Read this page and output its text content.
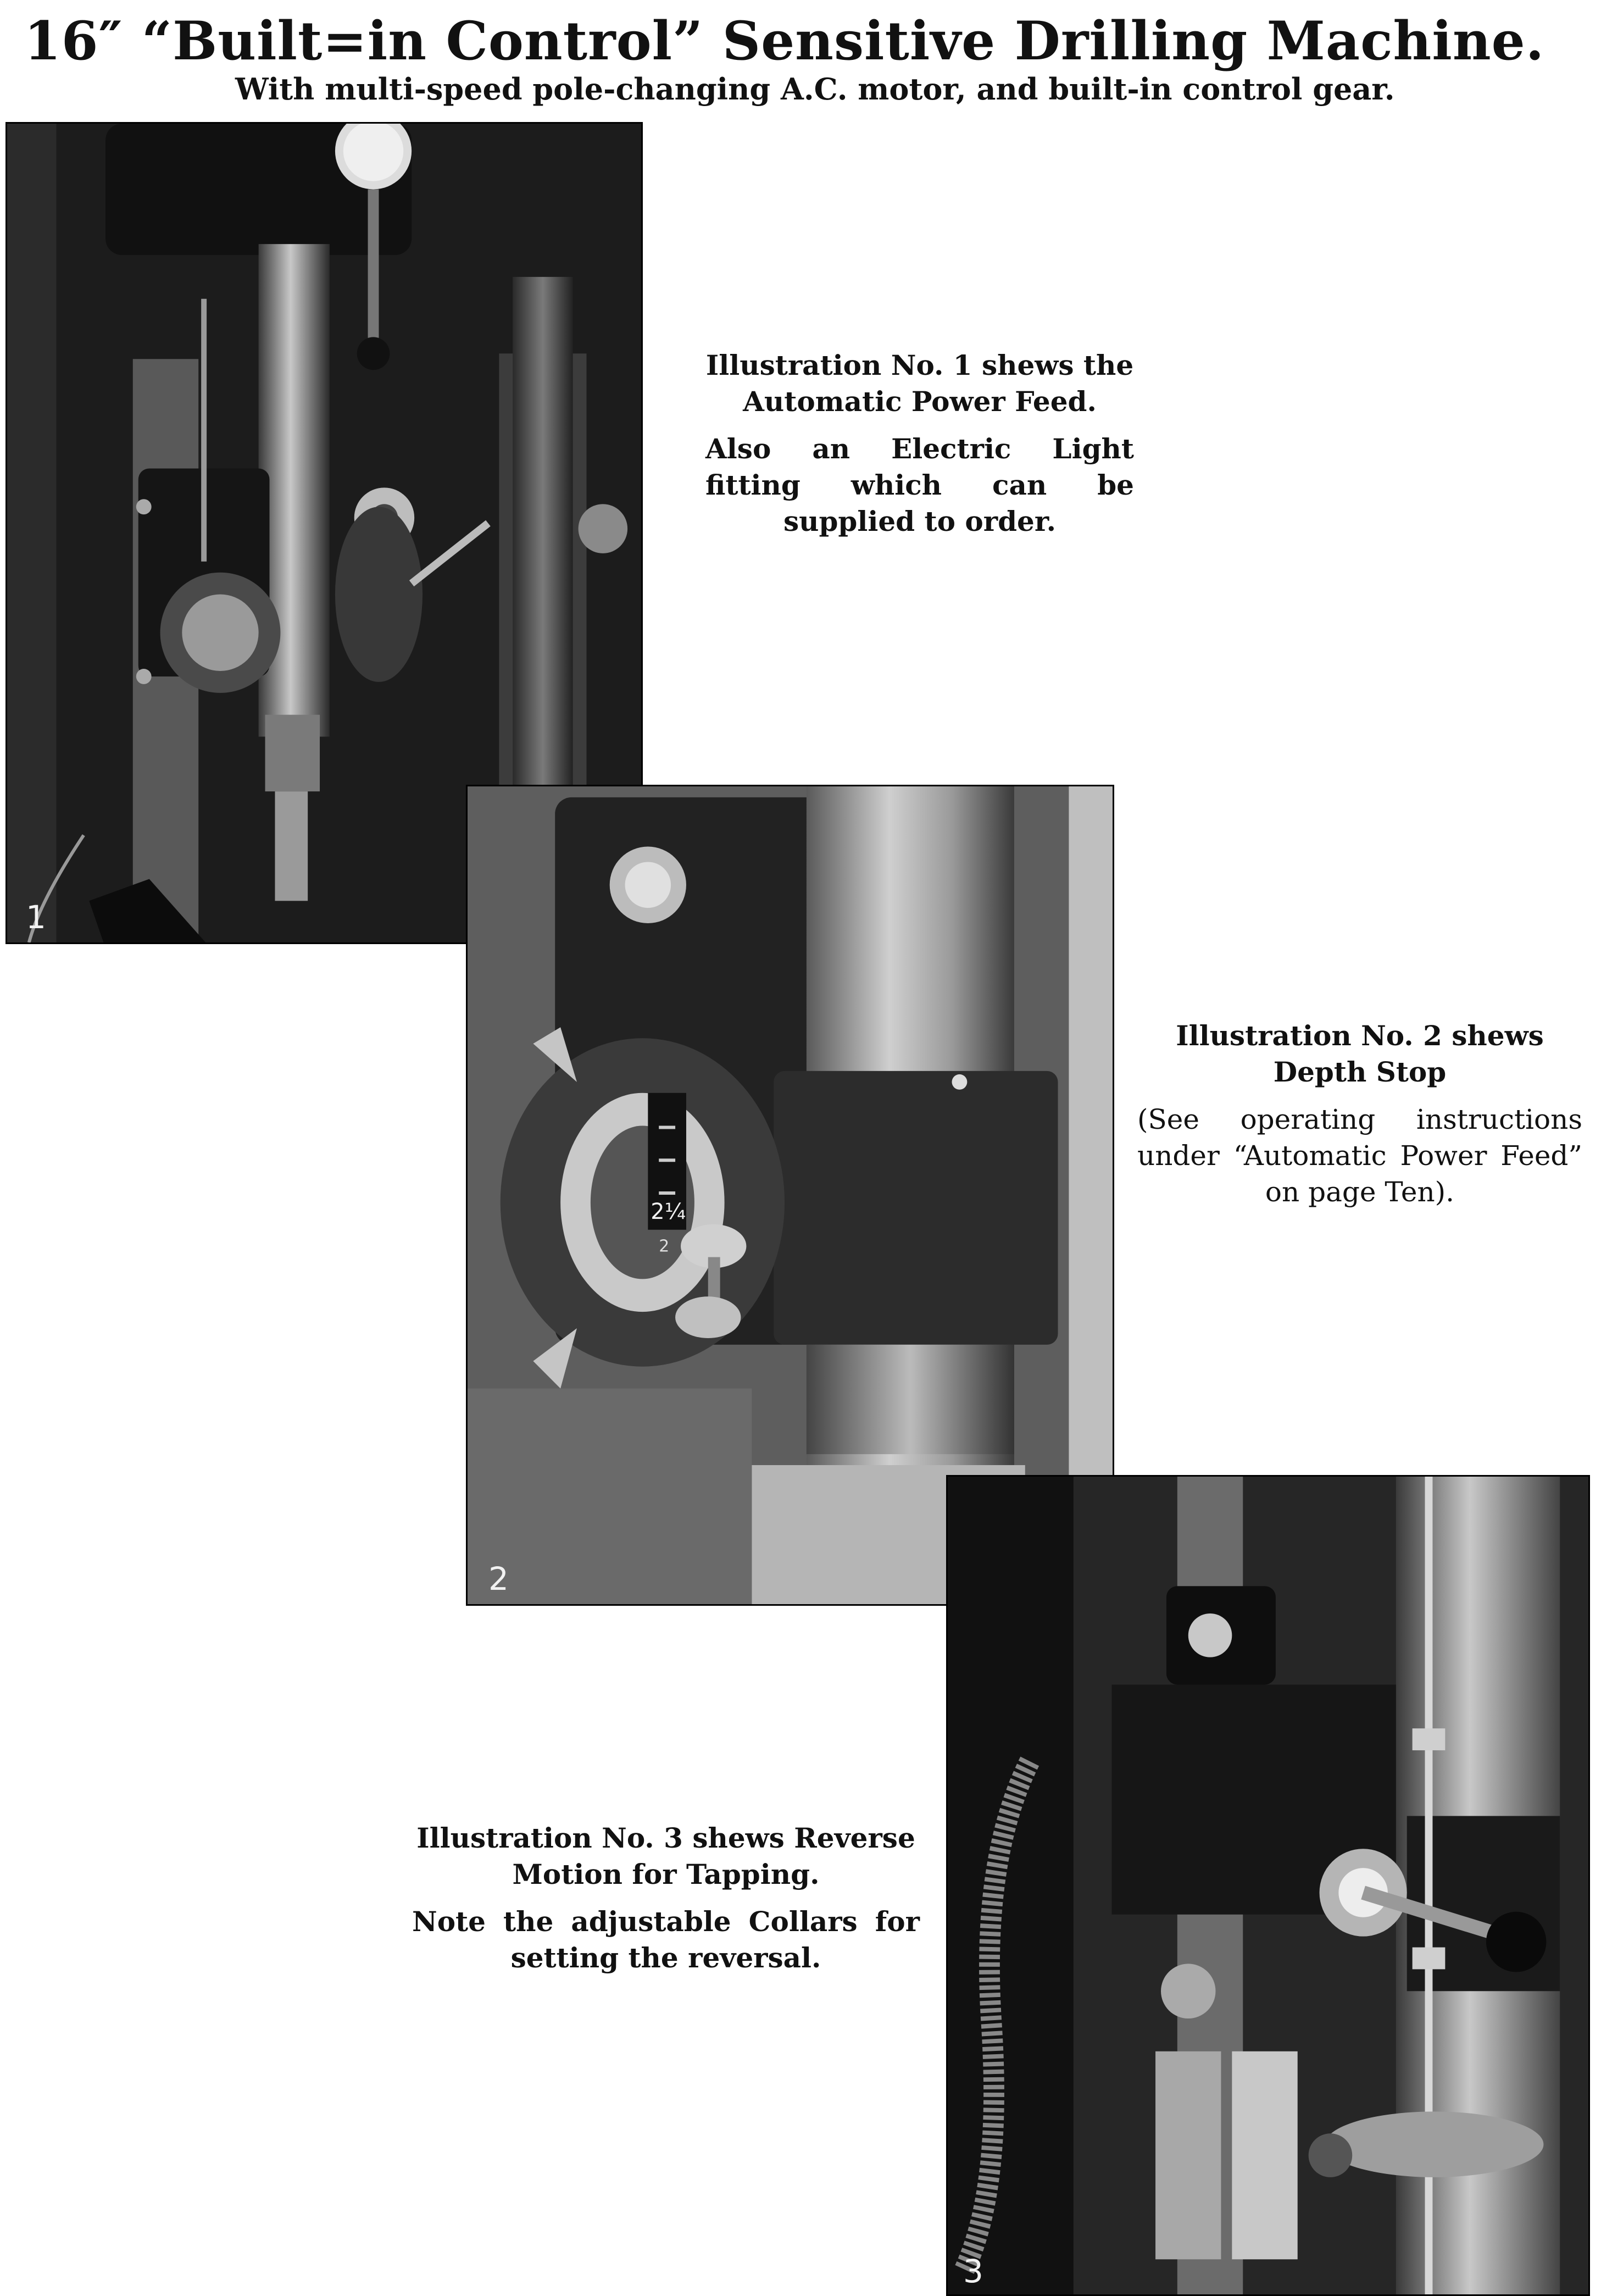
16″ “Built=in Control” Sensitive Drilling Machine.
With multi-speed pole-changing A.C. motor, and built-in control gear.
1
2¼
2
2
3

Illustration No. 1 shews the Automatic Power Feed.

Also an Electric Light fitting which can be supplied to order.

Illustration No. 2 shews Depth Stop

(See operating instructions under “Automatic Power Feed” on page Ten).

Illustration No. 3 shews Reverse Motion for Tapping.

Note the adjustable Collars for setting the reversal.
